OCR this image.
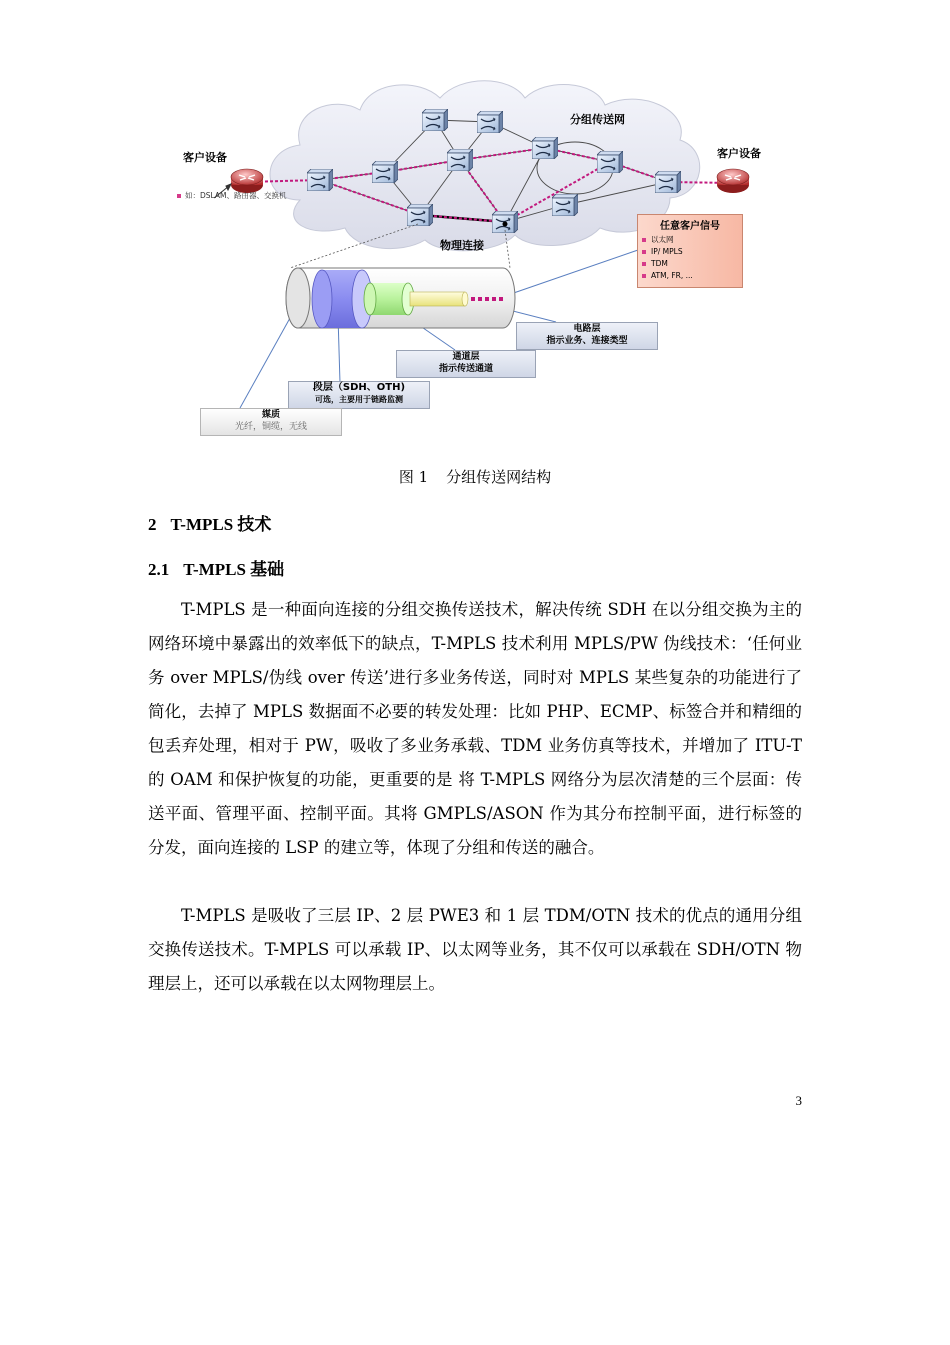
分组传送网
客户设备	客户设备
物理连接
如：DSLAM、路由器、交换机
任意客户信号
以太网
IP/ MPLS
TDM
ATM, FR, ...
电路层
指示业务、连接类型
通道层
指示传送通道
段层（SDH、OTH)
可选，主要用于链路监测
媒质
光纤，铜缆，无线
图 1 分组传送网结构
2 T-MPLS 技术
2.1 T-MPLS 基础

T-MPLS 是一种面向连接的分组交换传送技术，解决传统 SDH 在以分组交换为主的网络环境中暴露出的效率低下的缺点，T-MPLS 技术利用 MPLS/PW 伪线技术：‘任何业务 over MPLS/伪线 over 传送’进行多业务传送，同时对 MPLS 某些复杂的功能进行了简化，去掉了 MPLS 数据面不必要的转发处理：比如 PHP、ECMP、标签合并和精细的包丢弃处理，相对于 PW，吸收了多业务承载、TDM 业务仿真等技术，并增加了 ITU-T 的 OAM 和保护恢复的功能，更重要的是 将 T-MPLS 网络分为层次清楚的三个层面：传送平面、管理平面、控制平面。其将 GMPLS/ASON 作为其分布控制平面，进行标签的分发，面向连接的 LSP 的建立等，体现了分组和传送的融合。

T-MPLS 是吸收了三层 IP、2 层 PWE3 和 1 层 TDM/OTN 技术的优点的通用分组交换传送技术。T-MPLS 可以承载 IP、以太网等业务，其不仅可以承载在 SDH/OTN 物理层上，还可以承载在以太网物理层上。

3
